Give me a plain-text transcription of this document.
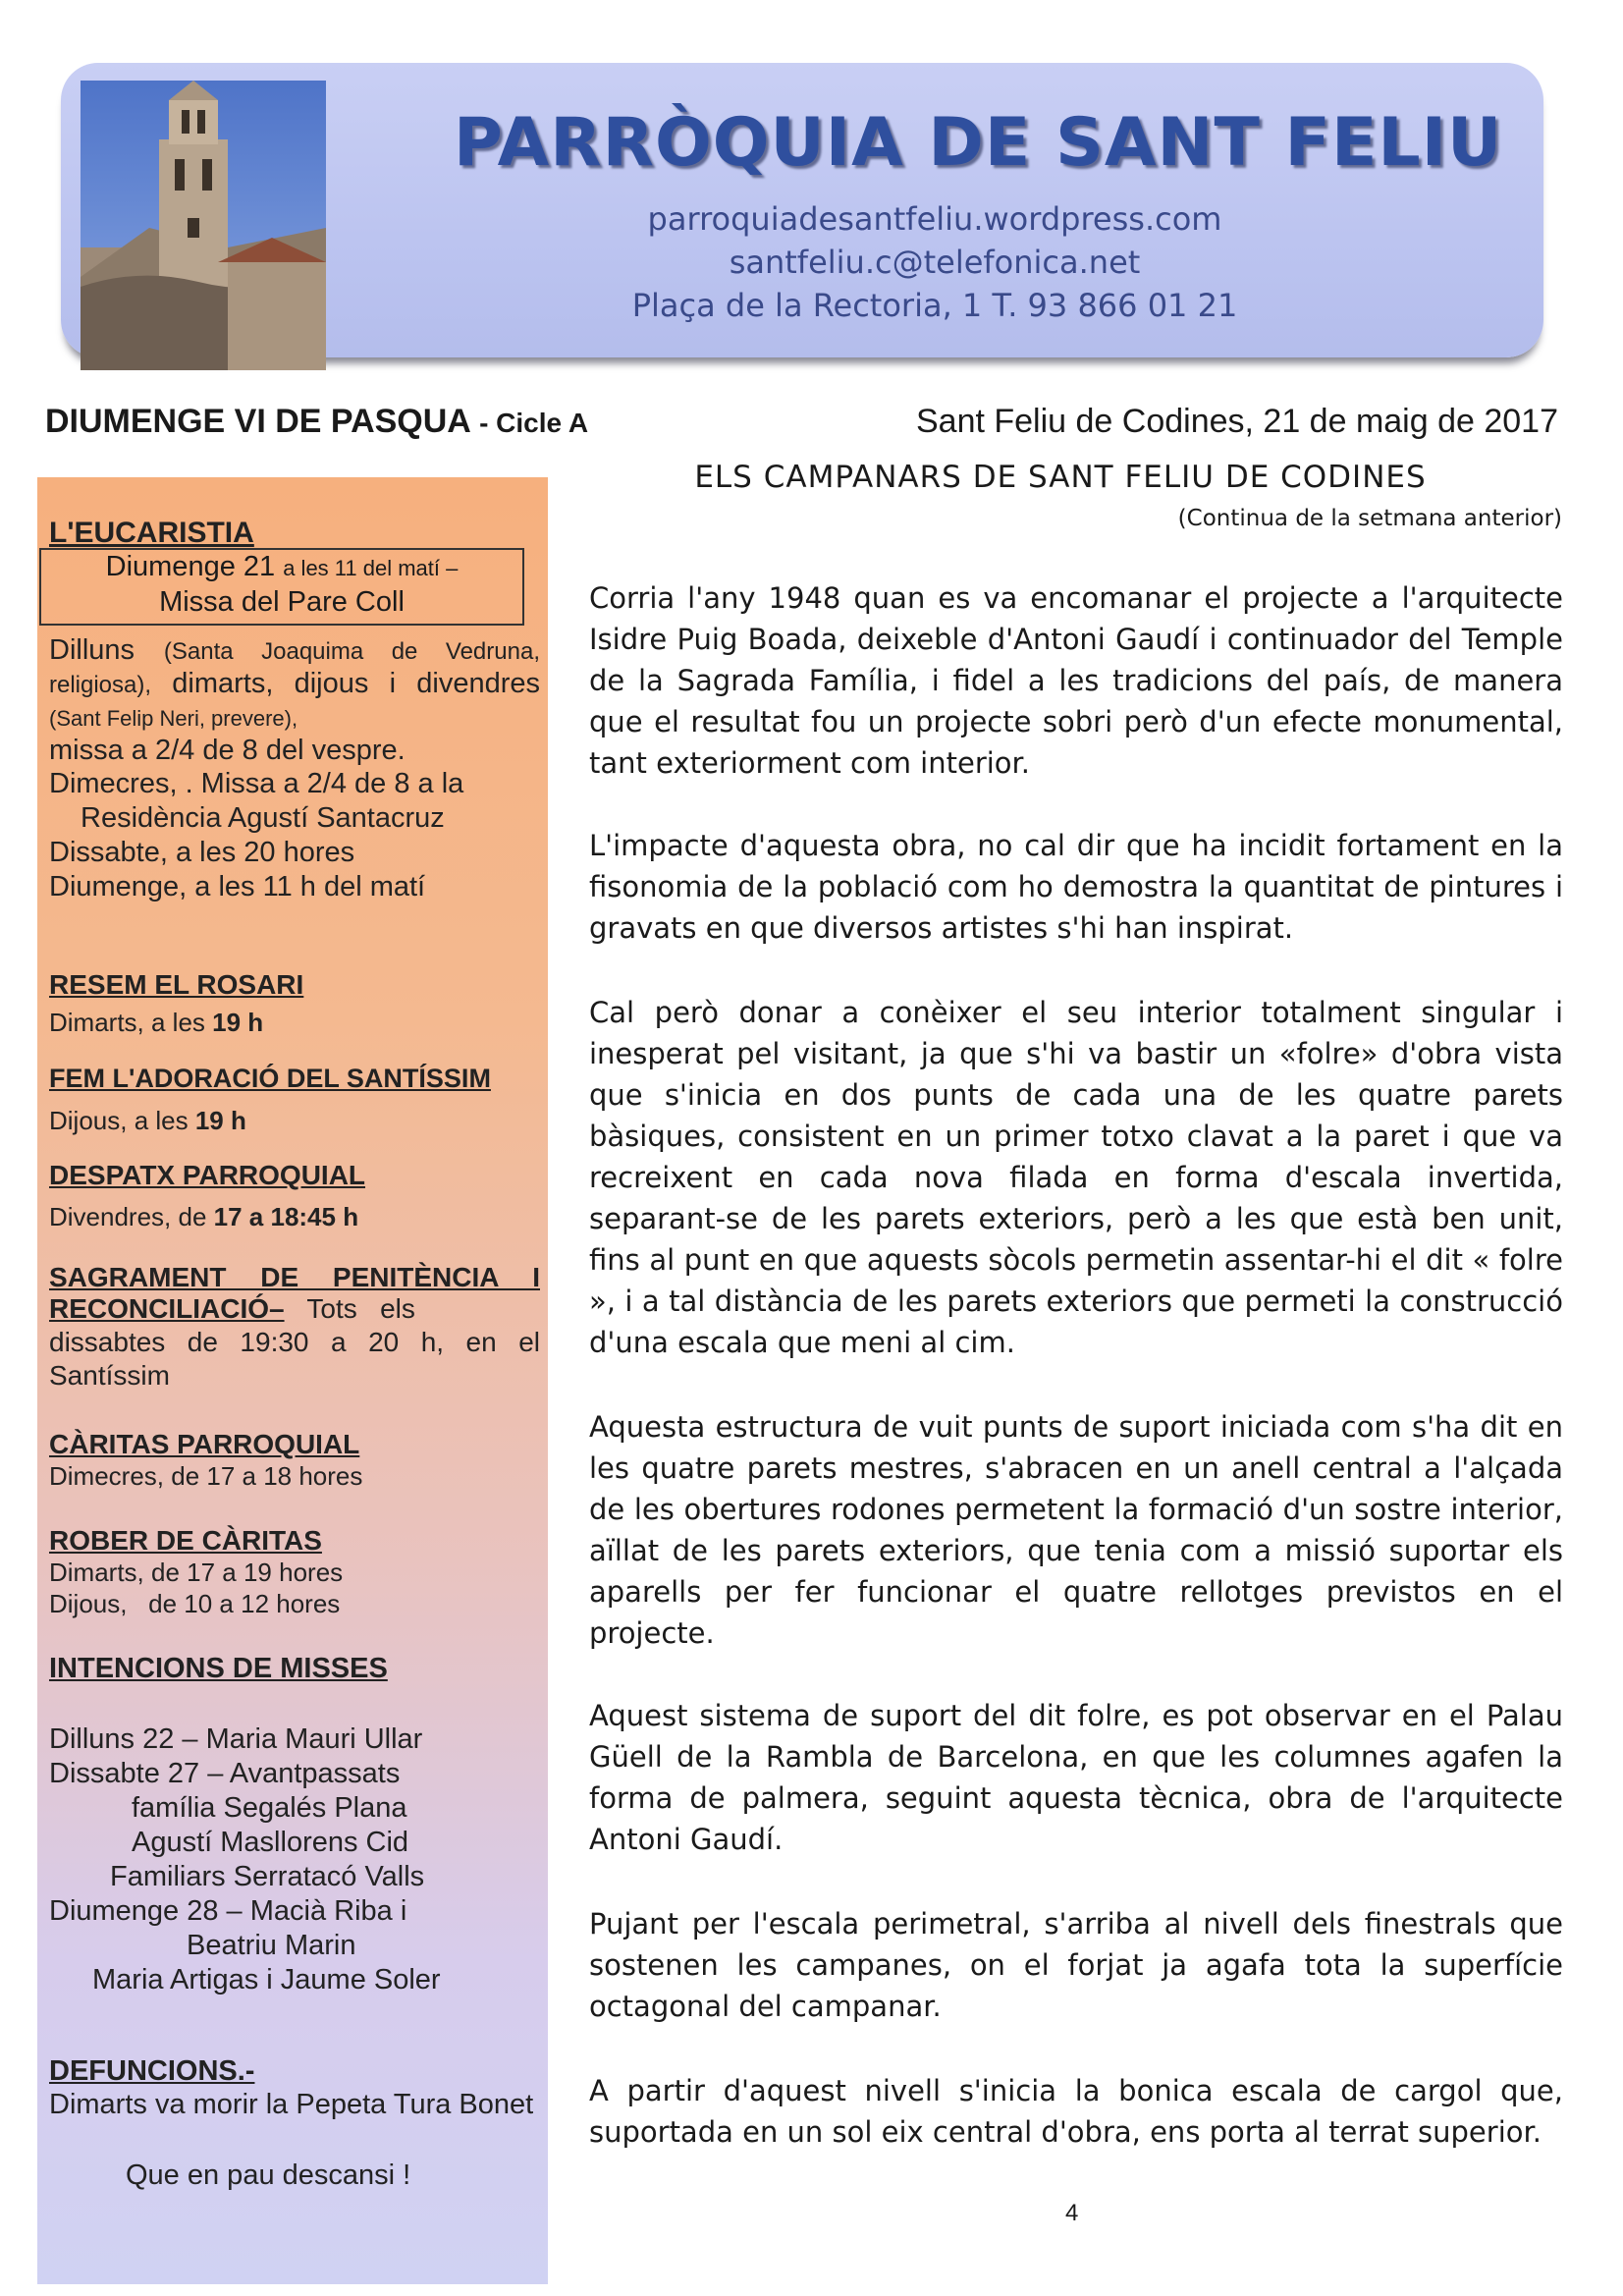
PARRÒQUIA DE SANT FELIU
parroquiadesantfeliu.wordpress.com
santfeliu.c@telefonica.net
Plaça de la Rectoria, 1 T. 93 866 01 21
DIUMENGE VI DE PASQUA - Cicle A	Sant Feliu de Codines, 21 de maig de 2017
L'EUCARISTIA
Diumenge 21 a les 11 del matí –
Missa del Pare Coll
Dilluns (Santa Joaquima de Vedruna, religiosa), dimarts, dijous i divendres (Sant Felip Neri, prevere),
missa a 2/4 de 8 del vespre.
Dimecres, . Missa a 2/4 de 8 a la
Residència Agustí Santacruz
Dissabte, a les 20 hores
Diumenge, a les 11 h del matí
RESEM EL ROSARI
Dimarts, a les 19 h
FEM L'ADORACIÓ DEL SANTÍSSIM
Dijous, a les 19 h
DESPATX PARROQUIAL
Divendres, de 17 a 18:45 h
SAGRAMENT DE PENITÈNCIA I
RECONCILIACIÓ–   Tots   els
dissabtes de 19:30 a 20 h, en el Santíssim
CÀRITAS PARROQUIAL
Dimecres, de 17 a 18 hores
ROBER DE CÀRITAS
Dimarts, de 17 a 19 hores
Dijous,   de 10 a 12 hores
INTENCIONS DE MISSES
Dilluns 22 – Maria Mauri Ullar
Dissabte 27 – Avantpassats
família Segalés Plana
Agustí Masllorens Cid
Familiars Serratacó Valls
Diumenge 28 – Macià Riba i
Beatriu Marin
Maria Artigas i Jaume Soler
DEFUNCIONS.-
Dimarts va morir la Pepeta Tura Bonet
Que en pau descansi !
ELS CAMPANARS DE SANT FELIU DE CODINES
(Continua de la setmana anterior)
Corria l'any 1948 quan es va encomanar el projecte a l'arquitecte Isidre Puig Boada, deixeble d'Antoni Gaudí i continuador del Temple de la Sagrada Família, i fidel a les tradicions del país, de manera que el resultat fou un projecte sobri però d'un efecte monumental, tant exteriorment com interior.
L'impacte d'aquesta obra, no cal dir que ha incidit fortament en la fisonomia de la població com ho demostra la quantitat de pintures i gravats en que diversos artistes s'hi han inspirat.
Cal però donar a conèixer el seu interior totalment singular i inesperat pel visitant, ja que s'hi va bastir un «folre» d'obra vista que s'inicia en dos punts de cada una de les quatre parets bàsiques, consistent en un primer totxo clavat a la paret i que va recreixent en cada nova filada en forma d'escala invertida, separant-se de les parets exteriors, però a les que està ben unit, fins al punt en que aquests sòcols permetin assentar-hi el dit « folre », i a tal distància de les parets exteriors que permeti la construcció d'una escala que meni al cim.
Aquesta estructura de vuit punts de suport iniciada com s'ha dit en les quatre parets mestres, s'abracen en un anell central a l'alçada de les obertures rodones permetent la formació d'un sostre interior, aïllat de les parets exteriors, que tenia com a missió suportar els aparells per fer funcionar el quatre rellotges previstos en el projecte.
Aquest sistema de suport del dit folre, es pot observar en el Palau Güell de la Rambla de Barcelona, en que les columnes agafen la forma de palmera, seguint aquesta tècnica, obra de l'arquitecte Antoni Gaudí.
Pujant per l'escala perimetral, s'arriba al nivell dels finestrals que sostenen les campanes, on el forjat ja agafa tota la superfície octagonal del campanar.
A partir d'aquest nivell s'inicia la bonica escala de cargol que, suportada en un sol eix central d'obra, ens porta al terrat superior.
4
